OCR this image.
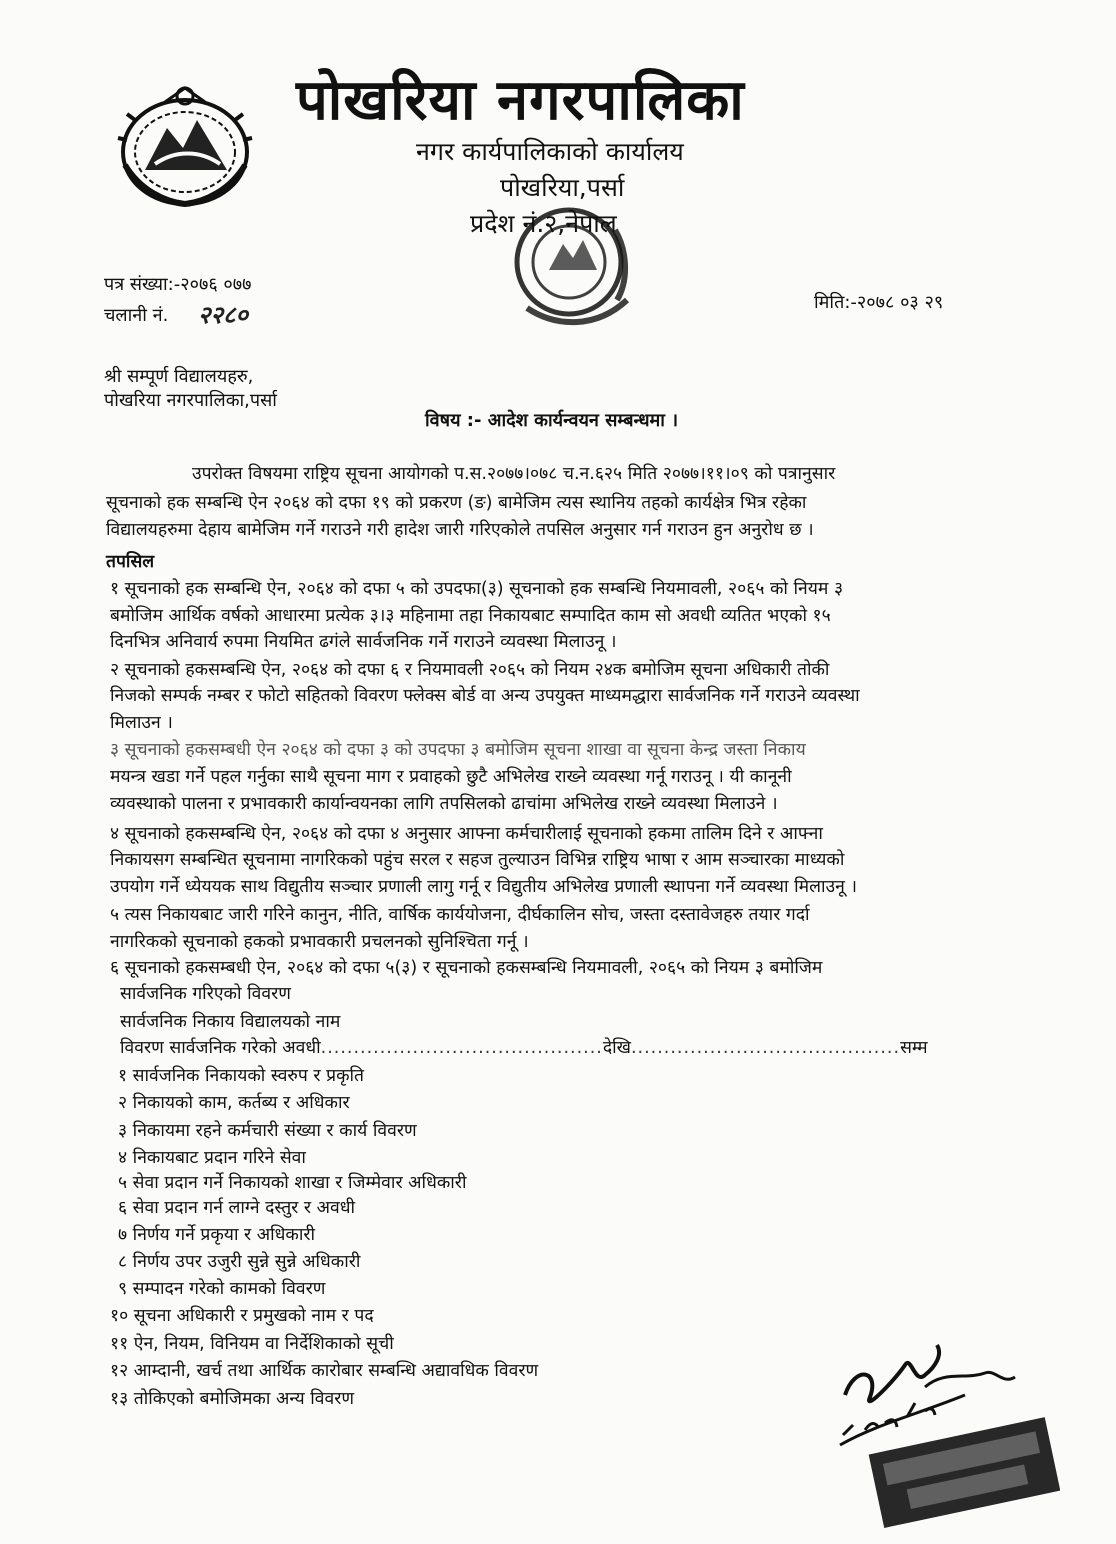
पोखरिया नगरपालिका
नगर कार्यपालिकाको कार्यालय
पोखरिया,पर्सा
प्रदेश नं.२,नेपाल
पत्र संख्या:-२०७६ ०७७
चलानी नं. २२८०	मिति:-२०७८ ०३ २९
श्री सम्पूर्ण विद्यालयहरु,
पोखरिया नगरपालिका,पर्सा
विषय :- आदेश कार्यन्वयन सम्बन्धमा ।
उपरोक्त विषयमा राष्ट्रिय सूचना आयोगको प.स.२०७७।०७८ च.न.६२५ मिति २०७७।११।०९ को पत्रानुसार
सूचनाको हक सम्बन्धि ऐन २०६४ को दफा १९ को प्रकरण (ङ) बामेजिम त्यस स्थानिय तहको कार्यक्षेत्र भित्र रहेका
विद्यालयहरुमा देहाय बामेजिम गर्ने गराउने गरी हादेश जारी गरिएकोले तपसिल अनुसार गर्न गराउन हुन अनुरोध छ ।
तपसिल
१ सूचनाको हक सम्बन्धि ऐन, २०६४ को दफा ५ को उपदफा(३) सूचनाको हक सम्बन्धि नियमावली, २०६५ को नियम ३
बमोजिम आर्थिक वर्षको आधारमा प्रत्येक ३।३ महिनामा तहा निकायबाट सम्पादित काम सो अवधी व्यतित भएको १५
दिनभित्र अनिवार्य रुपमा नियमित ढगंले सार्वजनिक गर्ने गराउने व्यवस्था मिलाउनू ।
२ सूचनाको हकसम्बन्धि ऐन, २०६४ को दफा ६ र नियमावली २०६५ को नियम २४क बमोजिम सूचना अधिकारी तोकी
निजको सम्पर्क नम्बर र फोटो सहितको विवरण फ्लेक्स बोर्ड वा अन्य उपयुक्त माध्यमद्धारा सार्वजनिक गर्ने गराउने व्यवस्था
मिलाउन ।
३ सूचनाको हकसम्बधी ऐन २०६४ को दफा ३ को उपदफा ३ बमोजिम सूचना शाखा वा सूचना केन्द्र जस्ता निकाय
मयन्त्र खडा गर्ने पहल गर्नुका साथै सूचना माग र प्रवाहको छुटै अभिलेख राख्ने व्यवस्था गर्नू गराउनू । यी कानूनी
व्यवस्थाको पालना र प्रभावकारी कार्यान्वयनका लागि तपसिलको ढाचांमा अभिलेख राख्ने व्यवस्था मिलाउने ।
४ सूचनाको हकसम्बन्धि ऐन, २०६४ को दफा ४ अनुसार आफ्ना कर्मचारीलाई सूचनाको हकमा तालिम दिने र आफ्ना
निकायसग सम्बन्धित सूचनामा नागरिकको पहुंच सरल र सहज तुल्याउन विभिन्न राष्ट्रिय भाषा र आम सञ्चारका माध्यको
उपयोग गर्ने ध्येययक साथ विद्युतीय सञ्चार प्रणाली लागु गर्नू र विद्युतीय अभिलेख प्रणाली स्थापना गर्ने व्यवस्था मिलाउनू ।
५ त्यस निकायबाट जारी गरिने कानुन, नीति, वार्षिक कार्ययोजना, दीर्घकालिन सोच, जस्ता दस्तावेजहरु तयार गर्दा
नागरिकको सूचनाको हकको प्रभावकारी प्रचलनको सुनिश्चिता गर्नू ।
६ सूचनाको हकसम्बधी ऐन, २०६४ को दफा ५(३) र सूचनाको हकसम्बन्धि नियमावली, २०६५ को नियम ३ बमोजिम
सार्वजनिक गरिएको विवरण
सार्वजनिक निकाय विद्यालयको नाम
विवरण सार्वजनिक गरेको अवधी...........................................देखि.........................................सम्म
१ सार्वजनिक निकायको स्वरुप र प्रकृति
२ निकायको काम, कर्तब्य र अधिकार
३ निकायमा रहने कर्मचारी संख्या र कार्य विवरण
४ निकायबाट प्रदान गरिने सेवा
५ सेवा प्रदान गर्ने निकायको शाखा र जिम्मेवार अधिकारी
६ सेवा प्रदान गर्न लाग्ने दस्तुर र अवधी
७ निर्णय गर्ने प्रकृया र अधिकारी
८ निर्णय उपर उजुरी सुन्ने सुन्ने अधिकारी
९ सम्पादन गरेको कामको विवरण
१० सूचना अधिकारी र प्रमुखको नाम र पद
११ ऐन, नियम, विनियम वा निर्देशिकाको सूची
१२ आम्दानी, खर्च तथा आर्थिक कारोबार सम्बन्धि अद्यावधिक विवरण
१३ तोकिएको बमोजिमका अन्य विवरण
